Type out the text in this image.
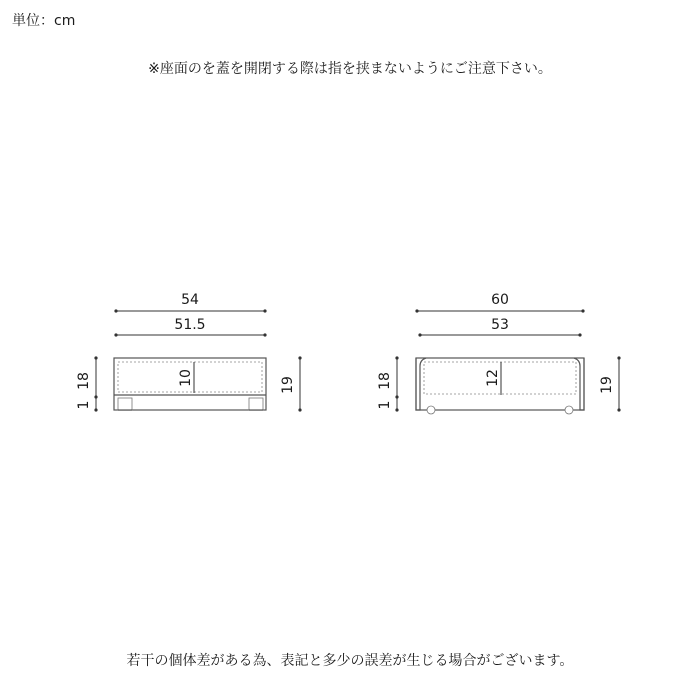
単位：cm
※座面のを蓋を開閉する際は指を挟まないようにご注意下さい。
54
51.5
10
18
1
19
60
53
12
18
1
19
若干の個体差がある為、表記と多少の誤差が生じる場合がございます。
